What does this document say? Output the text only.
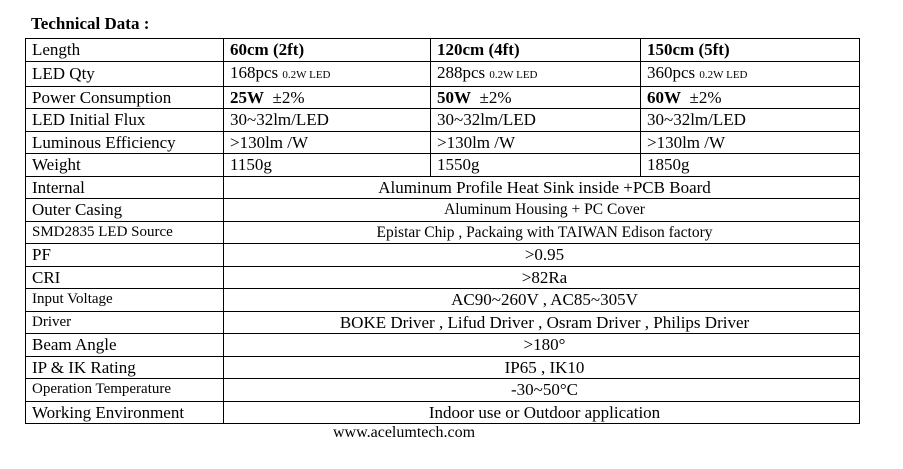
Technical Data :
Length	60cm (2ft)	120cm (4ft)	150cm (5ft)
LED Qty	168pcs 0.2W LED	288pcs 0.2W LED	360pcs 0.2W LED
Power Consumption	25W ±2%	50W ±2%	60W ±2%
LED Initial Flux	30~32lm/LED	30~32lm/LED	30~32lm/LED
Luminous Efficiency	>130lm /W	>130lm /W	>130lm /W
Weight	1150g	1550g	1850g
Internal	Aluminum Profile Heat Sink inside +PCB Board		
Outer Casing	Aluminum Housing + PC Cover		
SMD2835 LED Source	Epistar Chip , Packaing with TAIWAN Edison factory		
PF	>0.95		
CRI	>82Ra		
Input Voltage	AC90~260V , AC85~305V		
Driver	BOKE Driver , Lifud Driver , Osram Driver , Philips Driver		
Beam Angle	>180°		
IP & IK Rating	IP65 , IK10		
Operation Temperature	-30~50°C		
Working Environment	Indoor use or Outdoor application		
www.acelumtech.com
